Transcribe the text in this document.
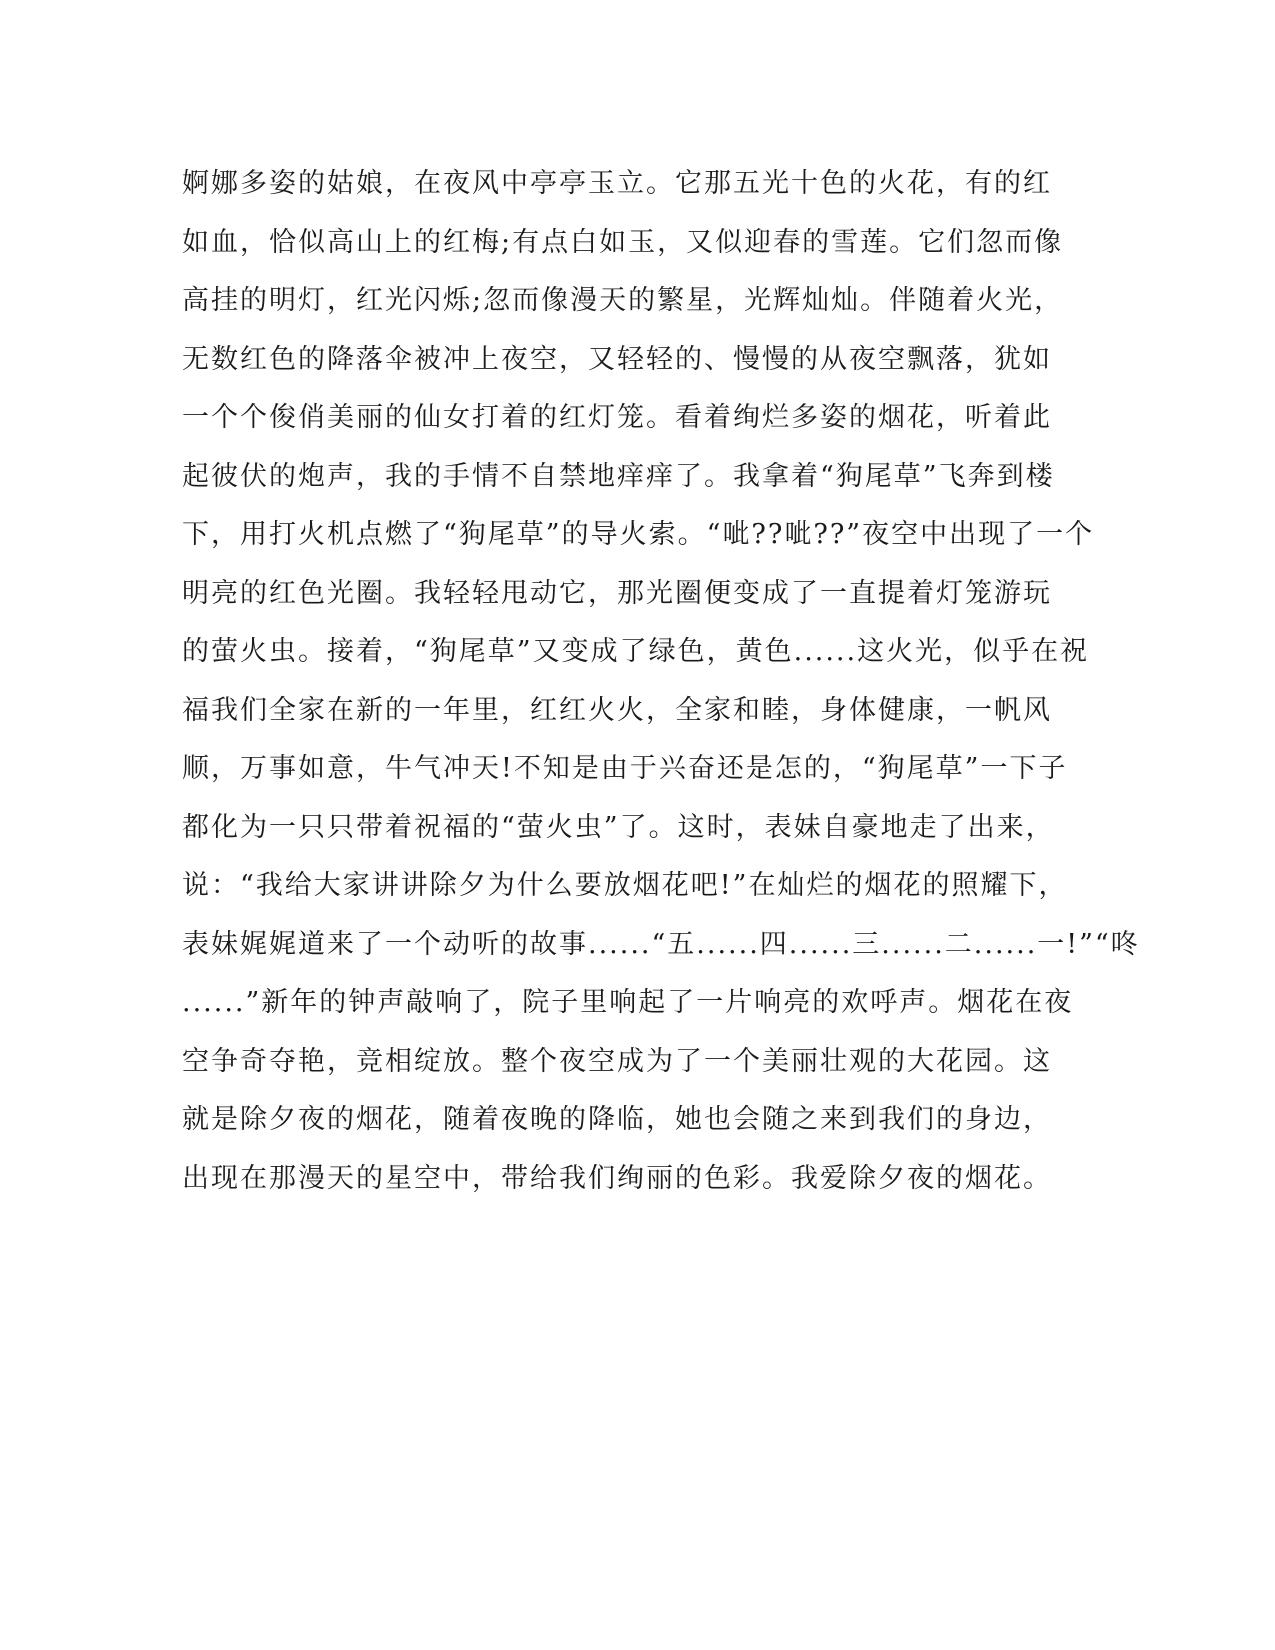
婀娜多姿的姑娘，在夜风中亭亭玉立。它那五光十色的火花，有的红
如血，恰似高山上的红梅;有点白如玉，又似迎春的雪莲。它们忽而像
高挂的明灯，红光闪烁;忽而像漫天的繁星，光辉灿灿。伴随着火光，
无数红色的降落伞被冲上夜空，又轻轻的、慢慢的从夜空飘落，犹如
一个个俊俏美丽的仙女打着的红灯笼。看着绚烂多姿的烟花，听着此
起彼伏的炮声，我的手情不自禁地痒痒了。我拿着“狗尾草”飞奔到楼
下，用打火机点燃了“狗尾草”的导火索。“呲??呲??”夜空中出现了一个
明亮的红色光圈。我轻轻甩动它，那光圈便变成了一直提着灯笼游玩
的萤火虫。接着，“狗尾草”又变成了绿色，黄色......这火光，似乎在祝
福我们全家在新的一年里，红红火火，全家和睦，身体健康，一帆风
顺，万事如意，牛气冲天!不知是由于兴奋还是怎的，“狗尾草”一下子
都化为一只只带着祝福的“萤火虫”了。这时，表妹自豪地走了出来，
说：“我给大家讲讲除夕为什么要放烟花吧!”在灿烂的烟花的照耀下，
表妹娓娓道来了一个动听的故事......“五......四......三......二......一!”“咚
......”新年的钟声敲响了，院子里响起了一片响亮的欢呼声。烟花在夜
空争奇夺艳，竞相绽放。整个夜空成为了一个美丽壮观的大花园。这
就是除夕夜的烟花，随着夜晚的降临，她也会随之来到我们的身边，
出现在那漫天的星空中，带给我们绚丽的色彩。我爱除夕夜的烟花。
